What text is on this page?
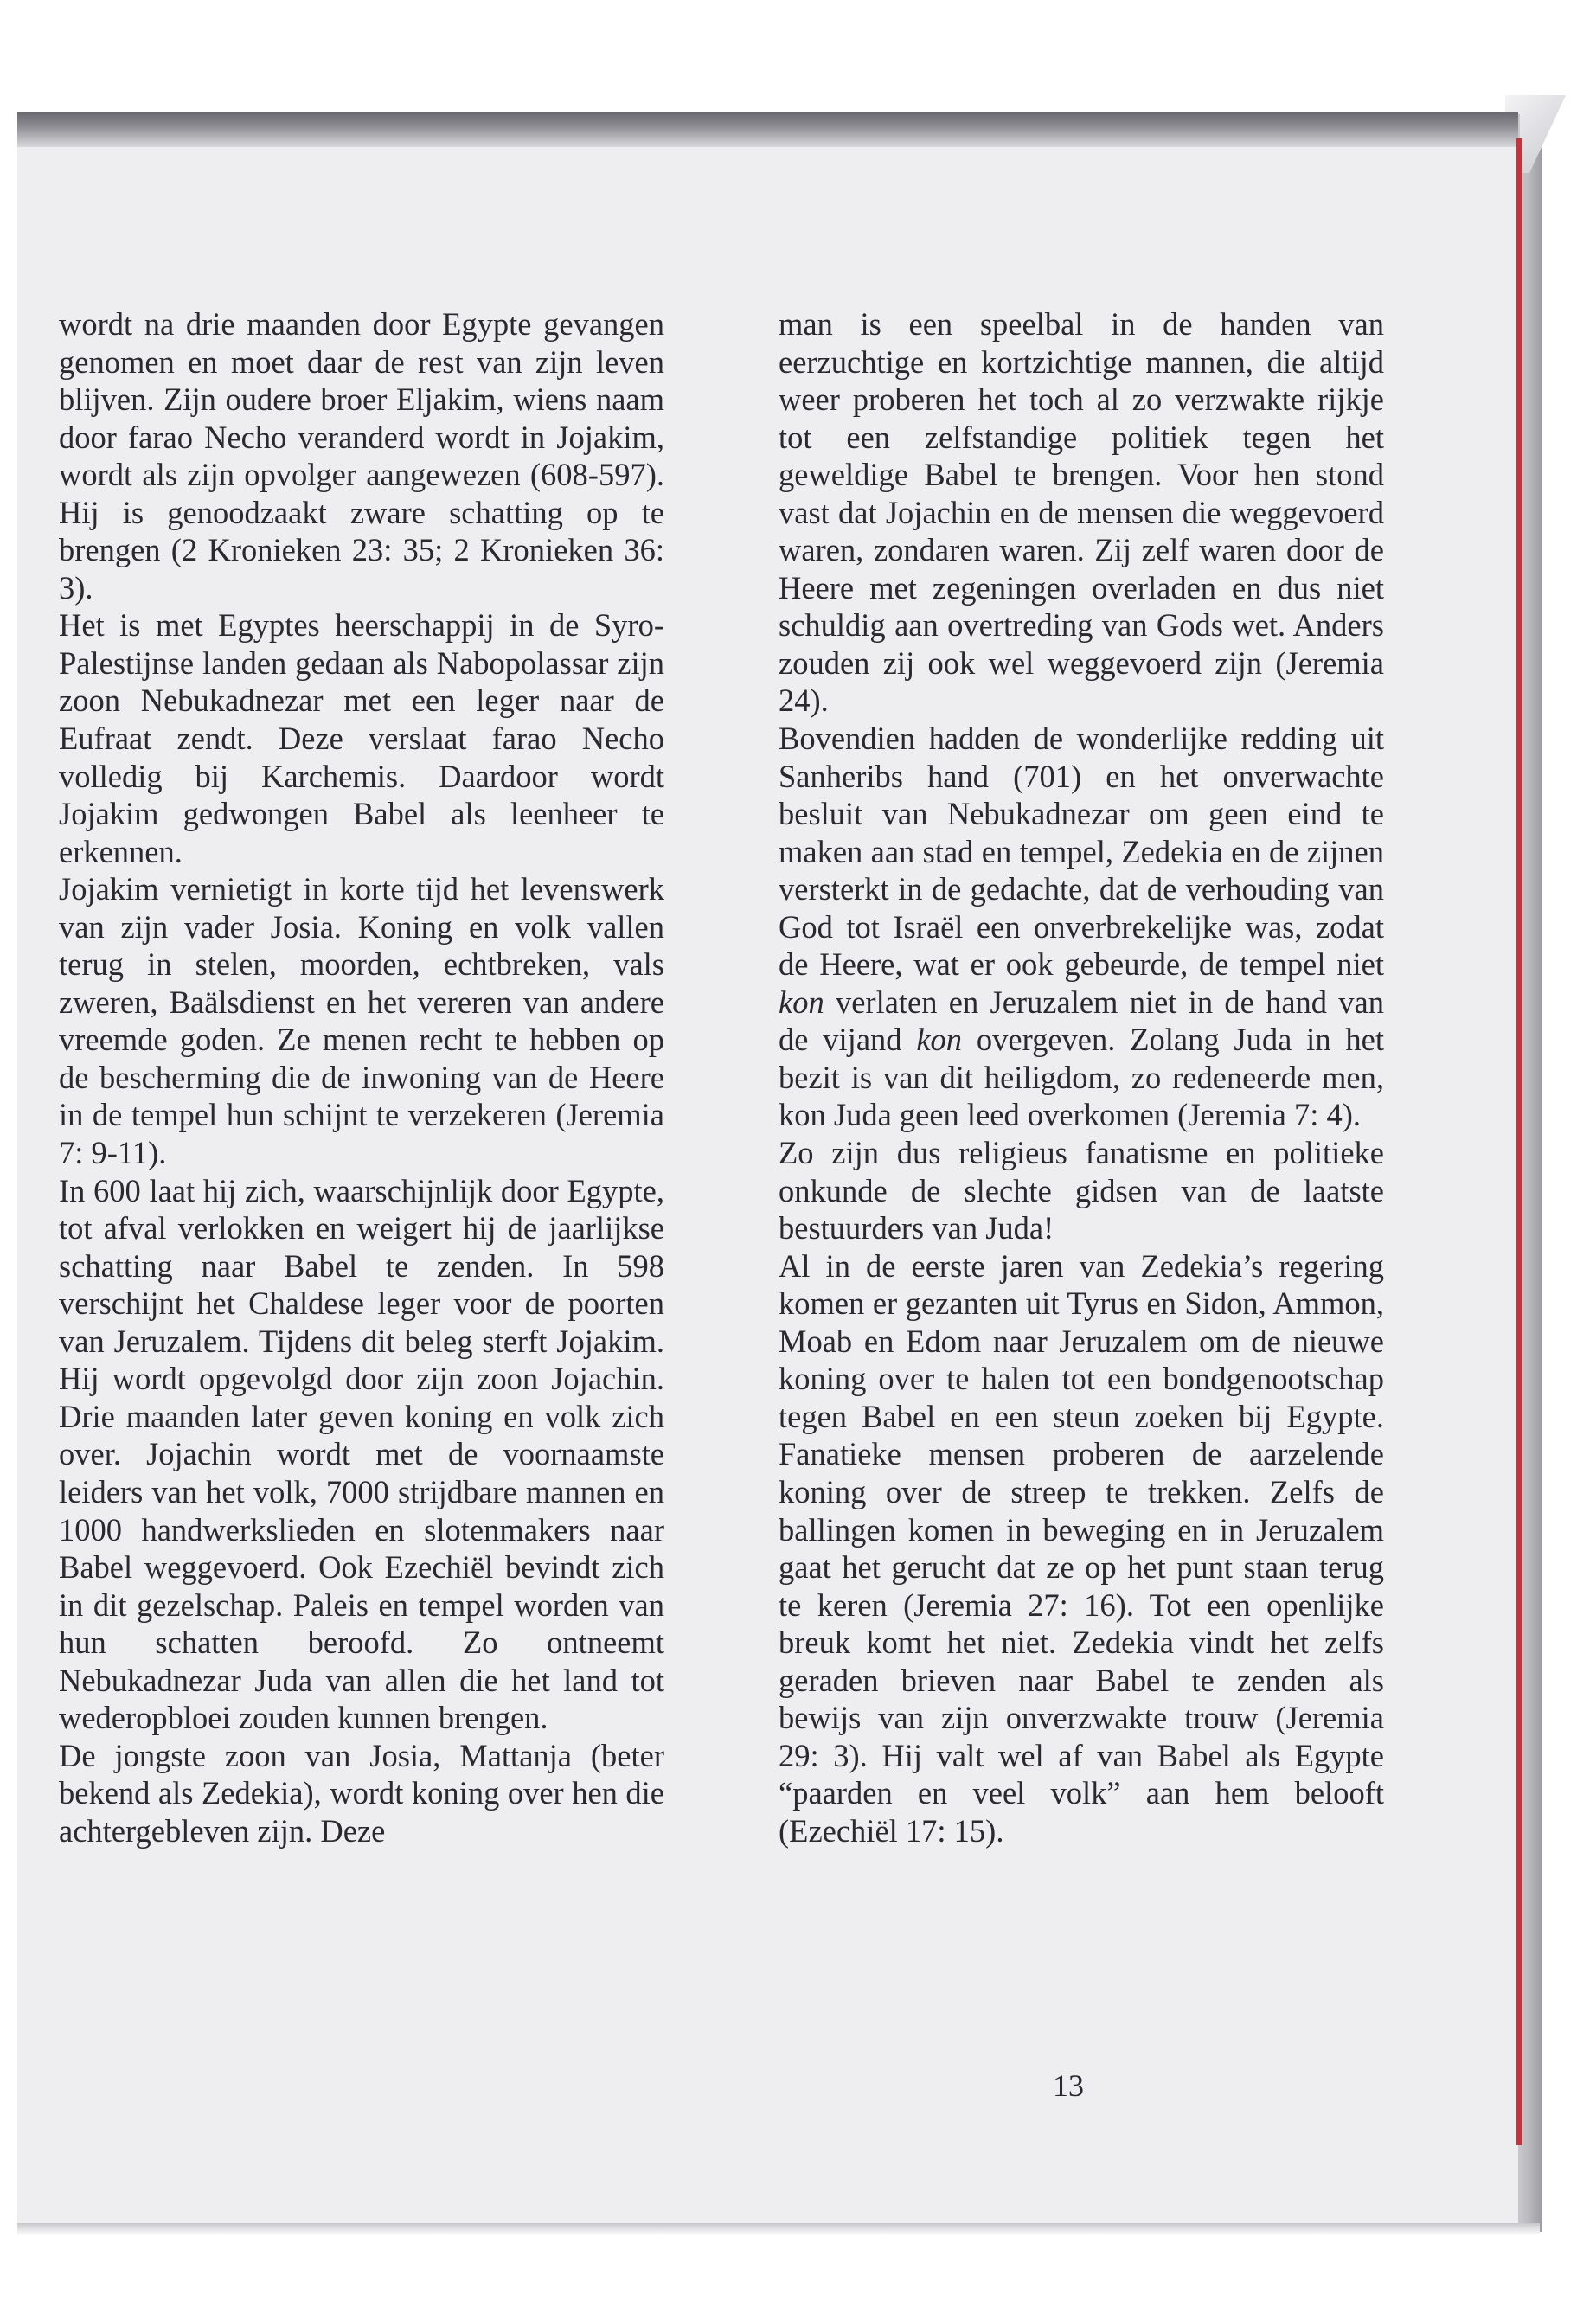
wordt na drie maanden door Egypte gevangen genomen en moet daar de rest van zijn leven blijven. Zijn oudere broer Eljakim, wiens naam door farao Necho veranderd wordt in Jojakim, wordt als zijn opvolger aangewezen (608-597). Hij is genoodzaakt zware schatting op te brengen (2 Kronieken 23: 35; 2 Kronieken 36: 3).

Het is met Egyptes heerschappij in de Syro-Palestijnse landen gedaan als Nabopolassar zijn zoon Nebukadnezar met een leger naar de Eufraat zendt. Deze verslaat farao Necho volledig bij Karchemis. Daardoor wordt Jojakim gedwongen Babel als leenheer te erkennen.

Jojakim vernietigt in korte tijd het levenswerk van zijn vader Josia. Koning en volk vallen terug in stelen, moorden, echtbreken, vals zweren, Baälsdienst en het vereren van andere vreemde goden. Ze menen recht te hebben op de bescherming die de inwoning van de Heere in de tempel hun schijnt te verzekeren (Jeremia 7: 9-11).

In 600 laat hij zich, waarschijnlijk door Egypte, tot afval verlokken en weigert hij de jaarlijkse schatting naar Babel te zenden. In 598 verschijnt het Chaldese leger voor de poorten van Jeruzalem. Tijdens dit beleg sterft Jojakim. Hij wordt opgevolgd door zijn zoon Jojachin. Drie maanden later geven koning en volk zich over. Jojachin wordt met de voornaamste leiders van het volk, 7000 strijdbare mannen en 1000 handwerkslieden en slotenmakers naar Babel weggevoerd. Ook Ezechiël bevindt zich in dit gezelschap. Paleis en tempel worden van hun schatten beroofd. Zo ontneemt Nebukadnezar Juda van allen die het land tot wederopbloei zouden kunnen brengen.

De jongste zoon van Josia, Mattanja (beter bekend als Zedekia), wordt koning over hen die achtergebleven zijn. Deze

man is een speelbal in de handen van eerzuchtige en kortzichtige mannen, die altijd weer proberen het toch al zo verzwakte rijkje tot een zelfstandige politiek tegen het geweldige Babel te brengen. Voor hen stond vast dat Jojachin en de mensen die weggevoerd waren, zondaren waren. Zij zelf waren door de Heere met zegeningen overladen en dus niet schuldig aan overtreding van Gods wet. Anders zouden zij ook wel weggevoerd zijn (Jeremia 24).

Bovendien hadden de wonderlijke redding uit Sanheribs hand (701) en het onverwachte besluit van Nebukadnezar om geen eind te maken aan stad en tempel, Zedekia en de zijnen versterkt in de gedachte, dat de verhouding van God tot Israël een onverbrekelijke was, zodat de Heere, wat er ook gebeurde, de tempel niet kon verlaten en Jeruzalem niet in de hand van de vijand kon overgeven. Zolang Juda in het bezit is van dit heiligdom, zo redeneerde men, kon Juda geen leed overkomen (Jeremia 7: 4).

Zo zijn dus religieus fanatisme en politieke onkunde de slechte gidsen van de laatste bestuurders van Juda!

Al in de eerste jaren van Zedekia’s regering komen er gezanten uit Tyrus en Sidon, Ammon, Moab en Edom naar Jeruzalem om de nieuwe koning over te halen tot een bondgenootschap tegen Babel en een steun zoeken bij Egypte. Fanatieke mensen proberen de aarzelende koning over de streep te trekken. Zelfs de ballingen komen in beweging en in Jeruzalem gaat het gerucht dat ze op het punt staan terug te keren (Jeremia 27: 16). Tot een openlijke breuk komt het niet. Zedekia vindt het zelfs geraden brieven naar Babel te zenden als bewijs van zijn onverzwakte trouw (Jeremia 29: 3). Hij valt wel af van Babel als Egypte “paarden en veel volk” aan hem belooft (Ezechiël 17: 15).

13
